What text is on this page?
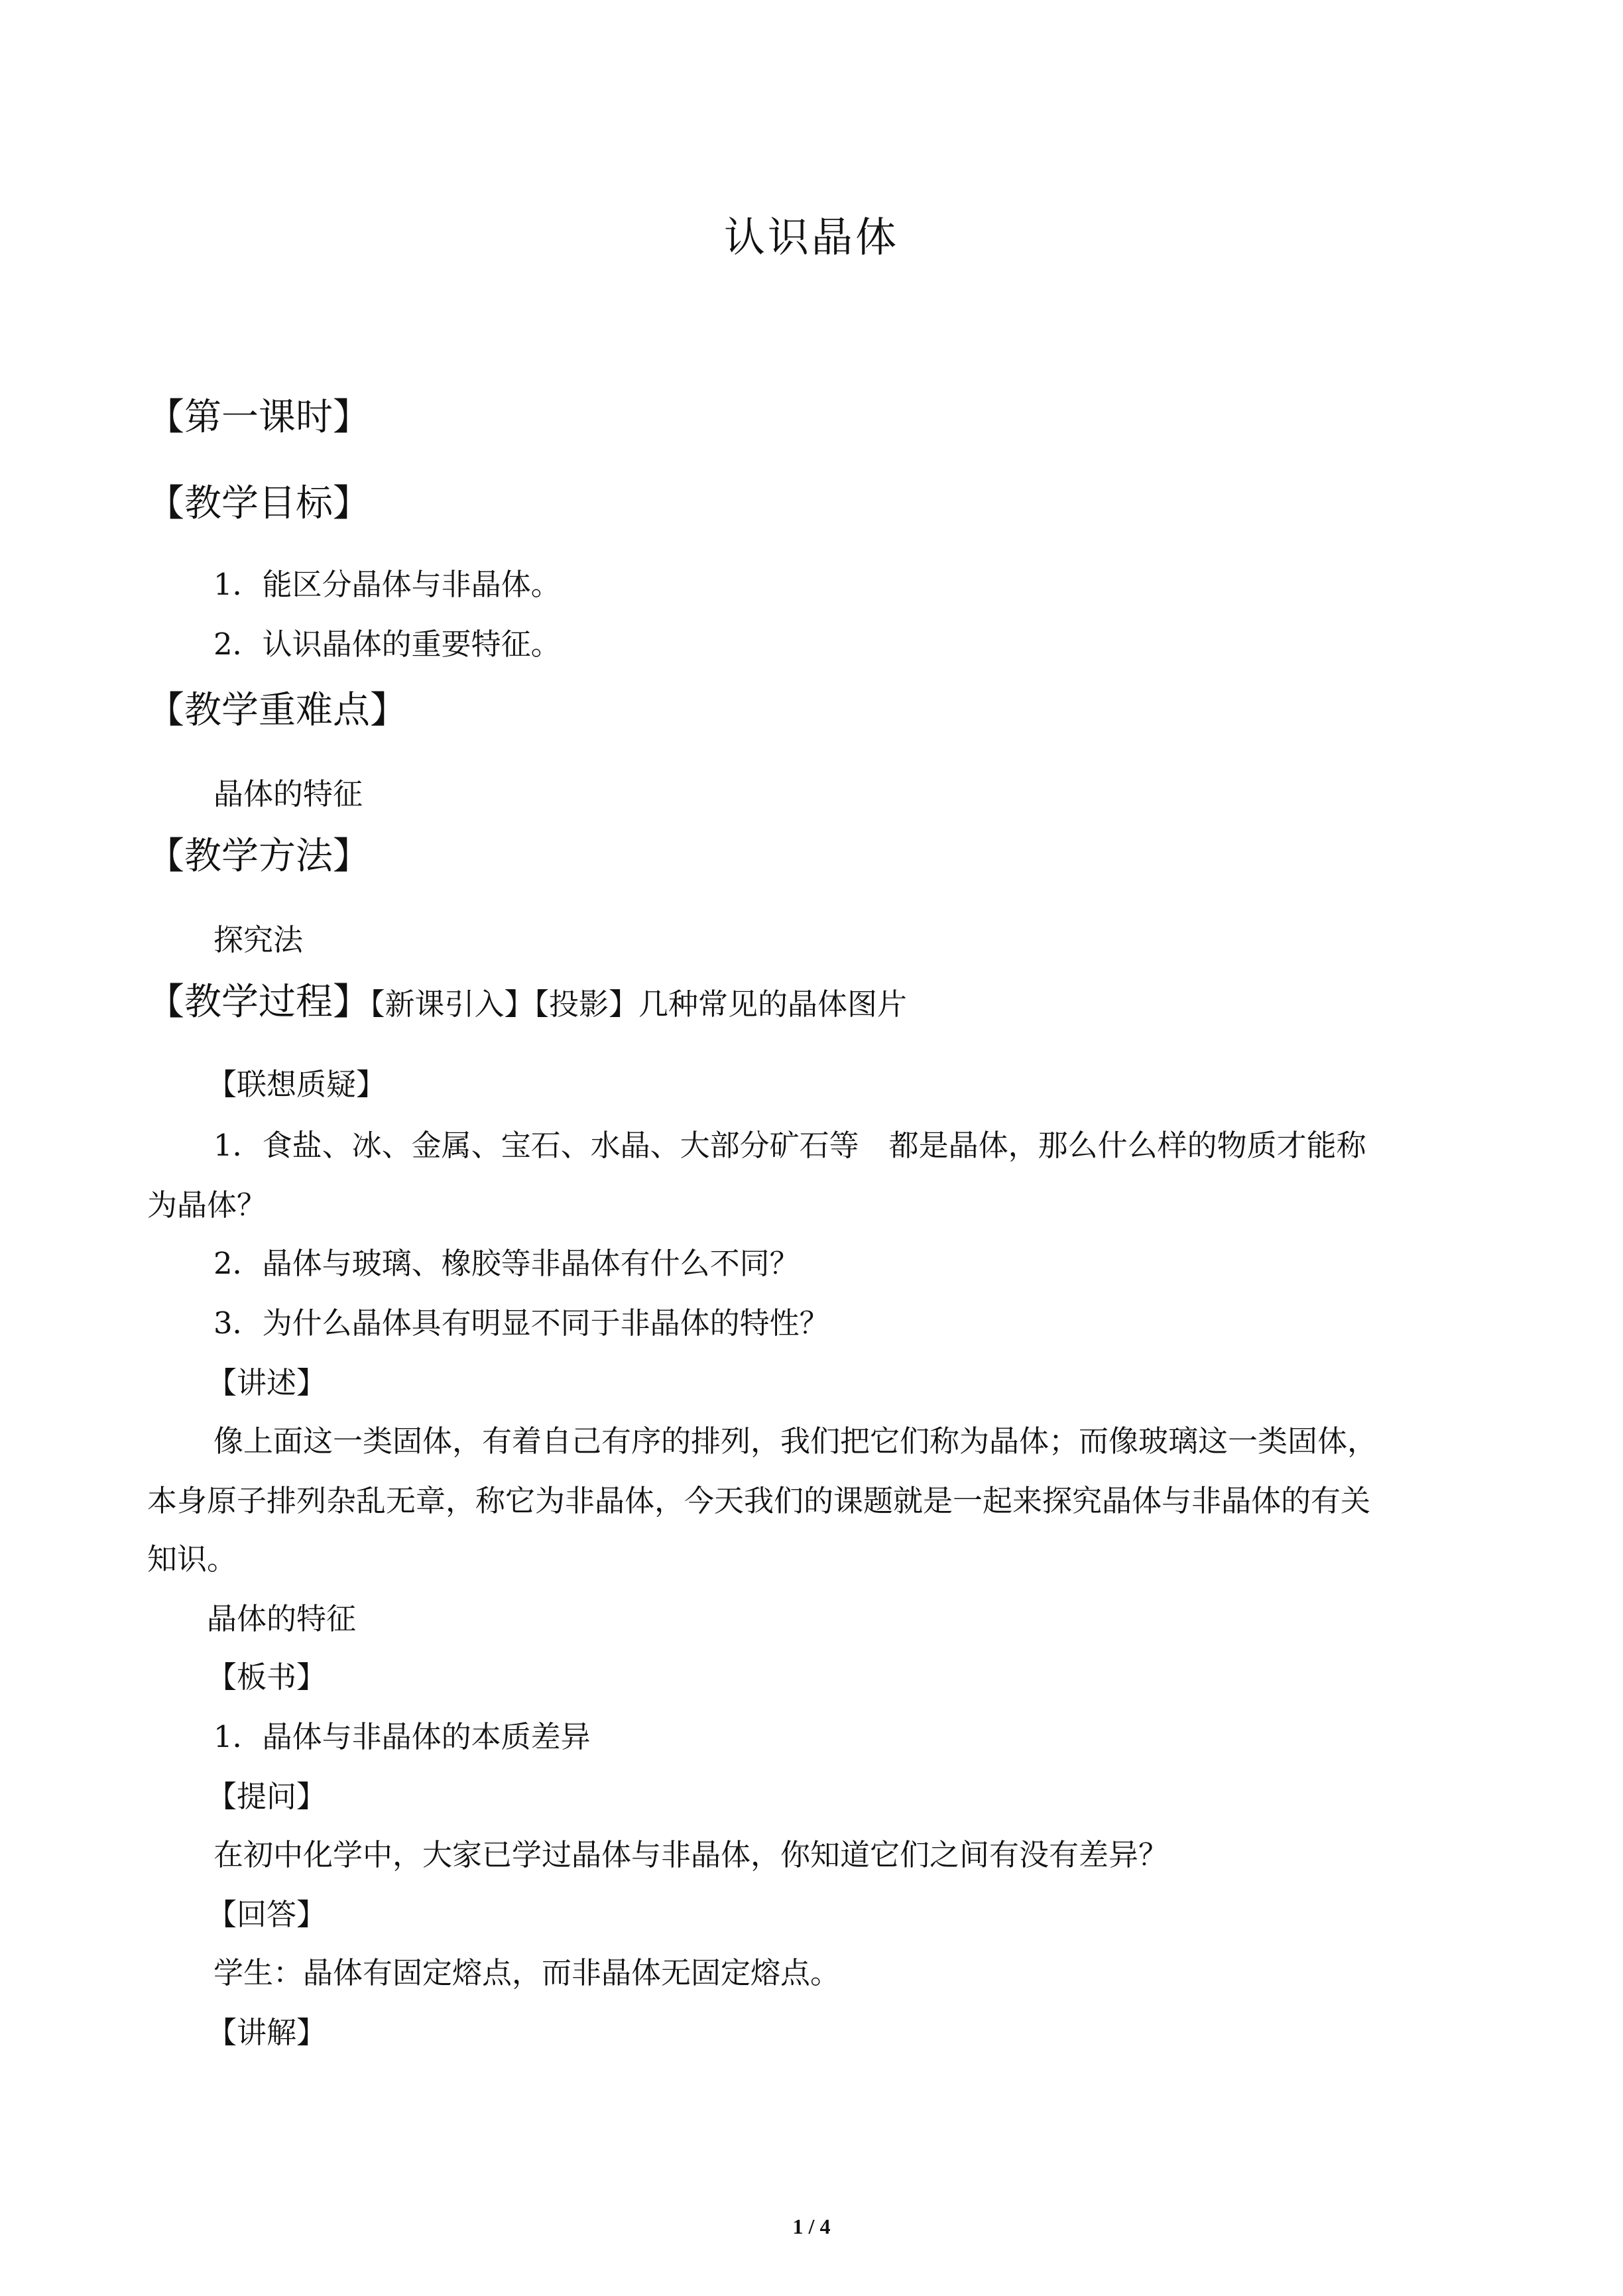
认识晶体
【第一课时】
【教学目标】
1．能区分晶体与非晶体。
2．认识晶体的重要特征。
【教学重难点】
晶体的特征
【教学方法】
探究法
【教学过程】【新课引入】【投影】几种常见的晶体图片
【联想质疑】
1．食盐、冰、金属、宝石、水晶、大部分矿石等　都是晶体，那么什么样的物质才能称
为晶体？
2．晶体与玻璃、橡胶等非晶体有什么不同？
3．为什么晶体具有明显不同于非晶体的特性？
【讲述】
像上面这一类固体，有着自己有序的排列，我们把它们称为晶体；而像玻璃这一类固体，
本身原子排列杂乱无章，称它为非晶体，今天我们的课题就是一起来探究晶体与非晶体的有关
知识。
晶体的特征
【板书】
1．晶体与非晶体的本质差异
【提问】
在初中化学中，大家已学过晶体与非晶体，你知道它们之间有没有差异？
【回答】
学生：晶体有固定熔点，而非晶体无固定熔点。
【讲解】
1 / 4
